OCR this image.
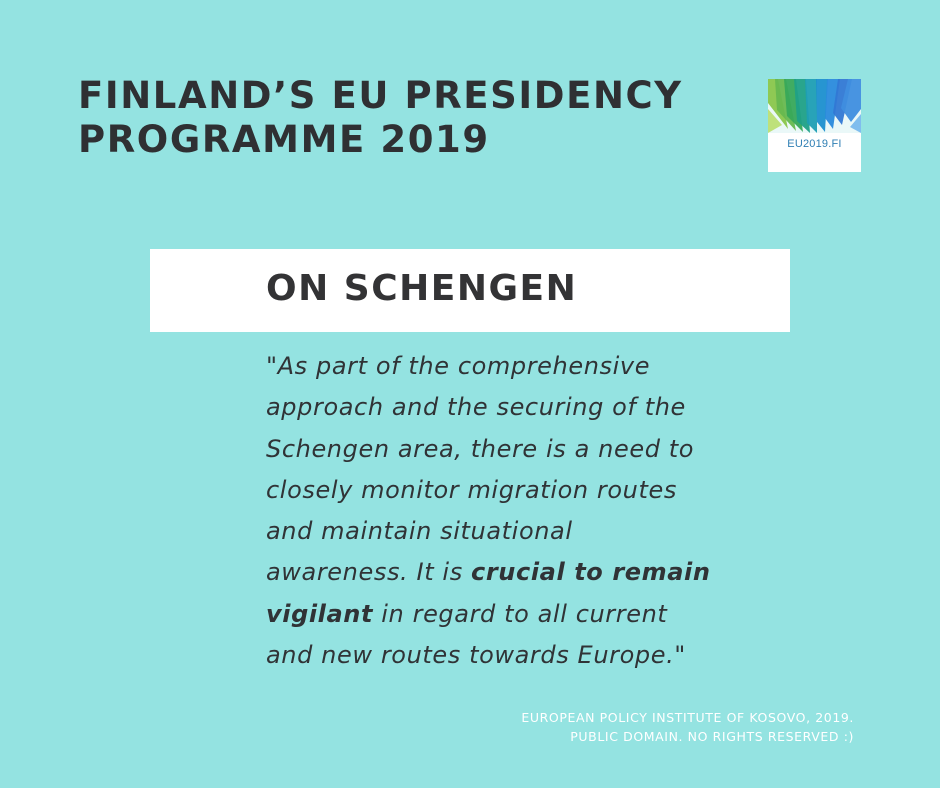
FINLAND’S EU PRESIDENCY
PROGRAMME 2019	EU2019.FI
ON SCHENGEN

"As part of the comprehensive approach and the securing of the Schengen area, there is a need to closely monitor migration routes and maintain situational awareness. It is crucial to remain vigilant in regard to all current and new routes towards Europe."

EUROPEAN POLICY INSTITUTE OF KOSOVO, 2019.
PUBLIC DOMAIN. NO RIGHTS RESERVED :)
